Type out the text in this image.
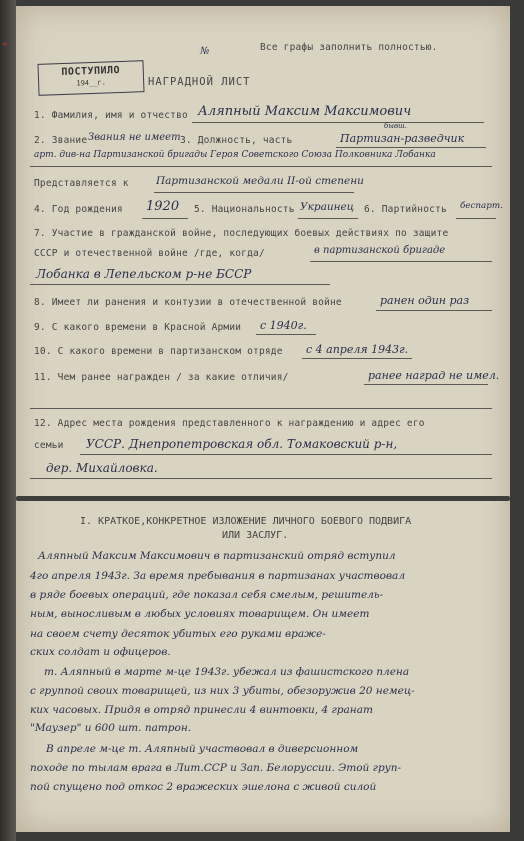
≈	Все графы заполнить полностью.
№
ПОСТУПИЛО
194__г.	НАГРАДНОЙ ЛИСТ
1. Фамилия, имя и отчество Аляпный Максим Максимович
2. Звание Звания не имеет 3. Должность, часть
бывш.
Партизан-разведчик
арт. див-на Партизанской бригады Героя Советского Союза Полковника Лобанка
Представляется к	Партизанской медали II-ой степени
4. Год рождения 1920 5. Национальность Украинец 6. Партийность беспарт.
7. Участие в гражданской войне, последующих боевых действиях по защите
СССР и отечественной войне /где, когда/	в партизанской бригаде
Лобанка в Лепельском р-не БССР
8. Имеет ли ранения и контузии в отечественной войне	ранен один раз
9. С какого времени в Красной Армии с 1940г.
10. С какого времени в партизанском отряде с 4 апреля 1943г.
11. Чем ранее награжден / за какие отличия/	ранее наград не имел.
12. Адрес места рождения представленного к награждению и адрес его
семьи УССР. Днепропетровская обл. Томаковский р-н,
дер. Михайловка.
I. КРАТКОЕ,КОНКРЕТНОЕ ИЗЛОЖЕНИЕ ЛИЧНОГО БОЕВОГО ПОДВИГА
ИЛИ ЗАСЛУГ.
Аляпный Максим Максимович в партизанский отряд вступил
4го апреля 1943г. За время пребывания в партизанах участвовал
в ряде боевых операций, где показал себя смелым, решитель-
ным, выносливым в любых условиях товарищем. Он имеет
на своем счету десяток убитых его руками враже-
ских солдат и офицеров.
т. Аляпный в марте м-це 1943г. убежал из фашистского плена
с группой своих товарищей, из них 3 убиты, обезоружив 20 немец-
ких часовых. Придя в отряд принесли 4 винтовки, 4 гранат
"Маузер" и 600 шт. патрон.
В апреле м-це т. Аляпный участвовал в диверсионном
походе по тылам врага в Лит.ССР и Зап. Белоруссии. Этой груп-
пой спущено под откос 2 вражеских эшелона с живой силой
